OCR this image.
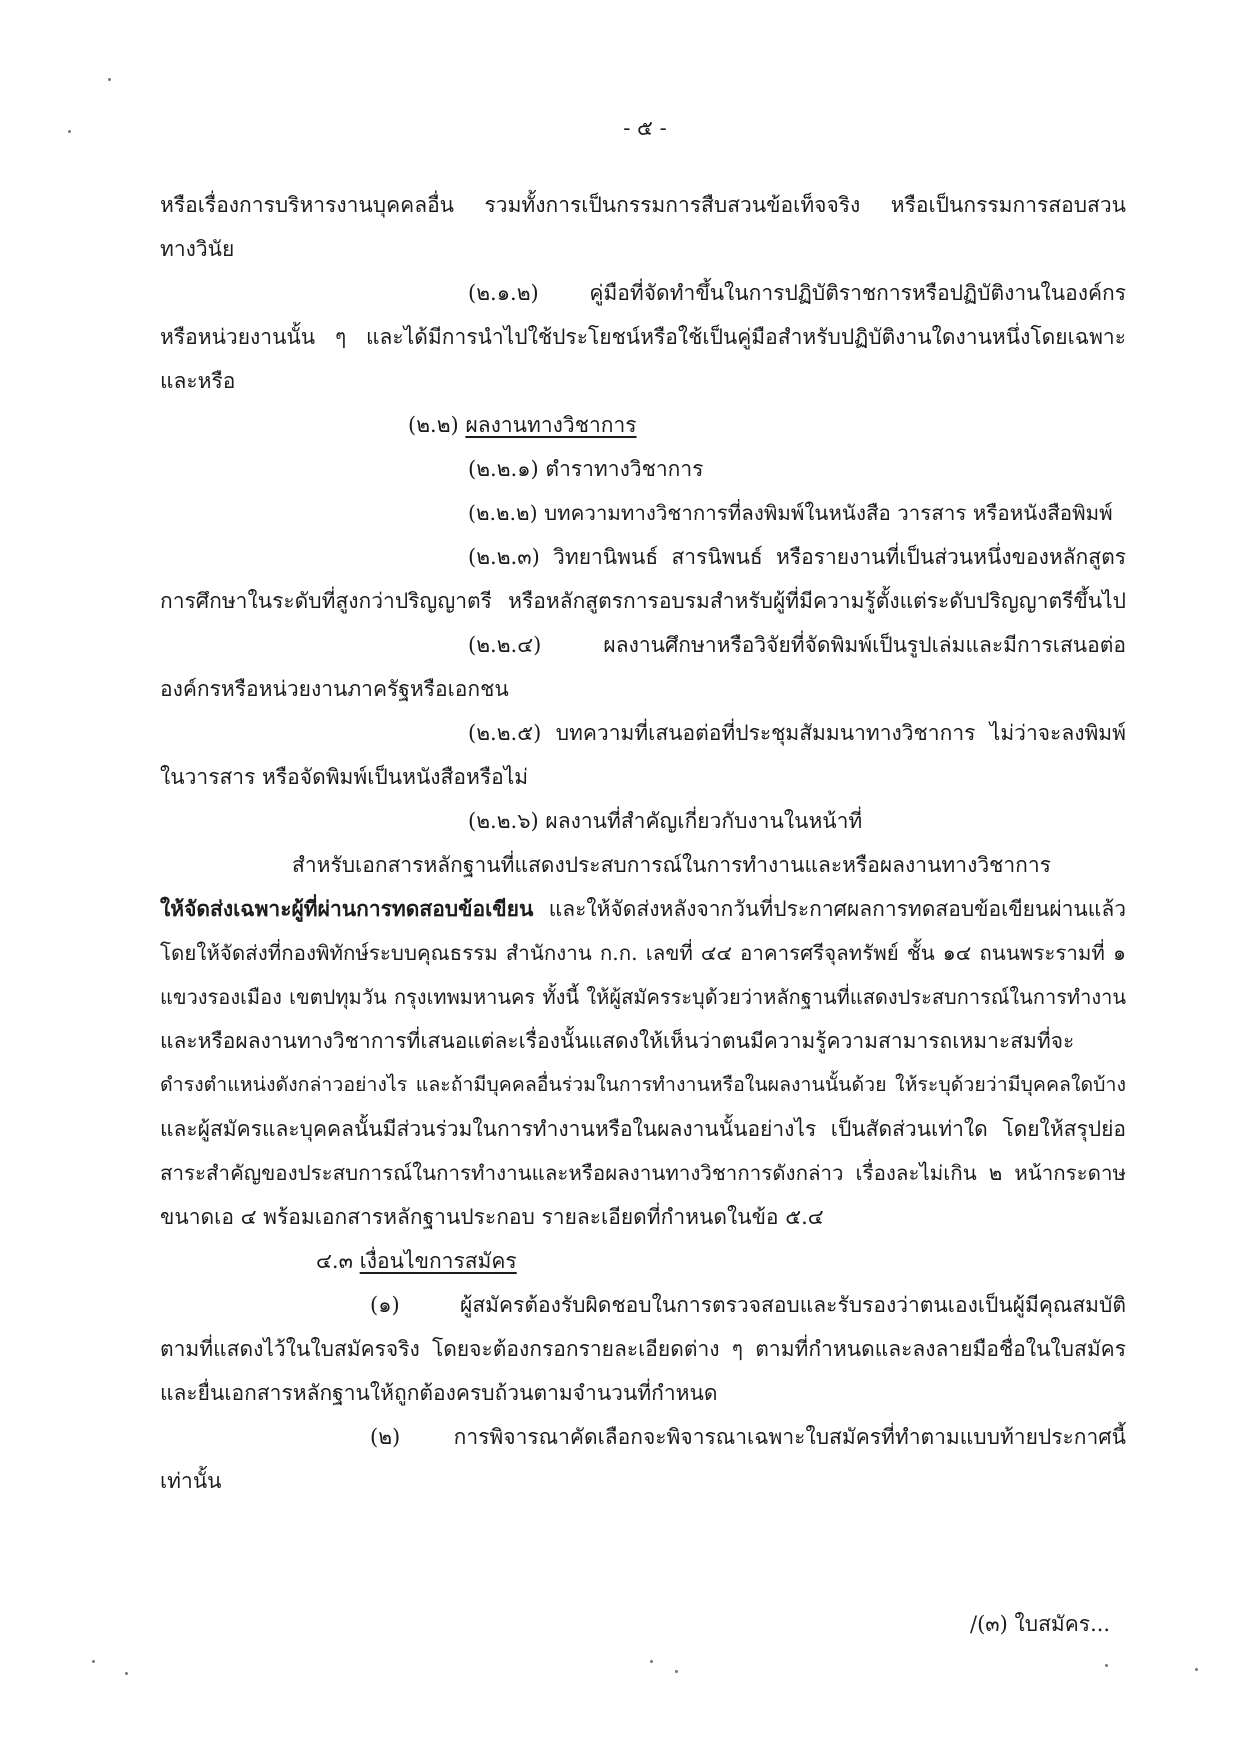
- ๕ -

หรือเรื่องการบริหารงานบุคคลอื่น รวมทั้งการเป็นกรรมการสืบสวนข้อเท็จจริง หรือเป็นกรรมการสอบสวน

ทางวินัย

(๒.๑.๒) คู่มือที่จัดทำขึ้นในการปฏิบัติราชการหรือปฏิบัติงานในองค์กร

หรือหน่วยงานนั้น ๆ และได้มีการนำไปใช้ประโยชน์หรือใช้เป็นคู่มือสำหรับปฏิบัติงานใดงานหนึ่งโดยเฉพาะ

และหรือ

(๒.๒) ผลงานทางวิชาการ

(๒.๒.๑) ตำราทางวิชาการ

(๒.๒.๒) บทความทางวิชาการที่ลงพิมพ์ในหนังสือ วารสาร หรือหนังสือพิมพ์

(๒.๒.๓) วิทยานิพนธ์ สารนิพนธ์ หรือรายงานที่เป็นส่วนหนึ่งของหลักสูตร

การศึกษาในระดับที่สูงกว่าปริญญาตรี หรือหลักสูตรการอบรมสำหรับผู้ที่มีความรู้ตั้งแต่ระดับปริญญาตรีขึ้นไป

(๒.๒.๔) ผลงานศึกษาหรือวิจัยที่จัดพิมพ์เป็นรูปเล่มและมีการเสนอต่อ

องค์กรหรือหน่วยงานภาครัฐหรือเอกชน

(๒.๒.๕) บทความที่เสนอต่อที่ประชุมสัมมนาทางวิชาการ ไม่ว่าจะลงพิมพ์

ในวารสาร หรือจัดพิมพ์เป็นหนังสือหรือไม่

(๒.๒.๖) ผลงานที่สำคัญเกี่ยวกับงานในหน้าที่

สำหรับเอกสารหลักฐานที่แสดงประสบการณ์ในการทำงานและหรือผลงานทางวิชาการ

ให้จัดส่งเฉพาะผู้ที่ผ่านการทดสอบข้อเขียน และให้จัดส่งหลังจากวันที่ประกาศผลการทดสอบข้อเขียนผ่านแล้ว

โดยให้จัดส่งที่กองพิทักษ์ระบบคุณธรรม สำนักงาน ก.ก. เลขที่ ๔๔ อาคารศรีจุลทรัพย์ ชั้น ๑๔ ถนนพระรามที่ ๑

แขวงรองเมือง เขตปทุมวัน กรุงเทพมหานคร ทั้งนี้ ให้ผู้สมัครระบุด้วยว่าหลักฐานที่แสดงประสบการณ์ในการทำงาน

และหรือผลงานทางวิชาการที่เสนอแต่ละเรื่องนั้นแสดงให้เห็นว่าตนมีความรู้ความสามารถเหมาะสมที่จะ

ดำรงตำแหน่งดังกล่าวอย่างไร และถ้ามีบุคคลอื่นร่วมในการทำงานหรือในผลงานนั้นด้วย ให้ระบุด้วยว่ามีบุคคลใดบ้าง

และผู้สมัครและบุคคลนั้นมีส่วนร่วมในการทำงานหรือในผลงานนั้นอย่างไร เป็นสัดส่วนเท่าใด โดยให้สรุปย่อ

สาระสำคัญของประสบการณ์ในการทำงานและหรือผลงานทางวิชาการดังกล่าว เรื่องละไม่เกิน ๒ หน้ากระดาษ

ขนาดเอ ๔ พร้อมเอกสารหลักฐานประกอบ รายละเอียดที่กำหนดในข้อ ๕.๔

๔.๓ เงื่อนไขการสมัคร

(๑) ผู้สมัครต้องรับผิดชอบในการตรวจสอบและรับรองว่าตนเองเป็นผู้มีคุณสมบัติ

ตามที่แสดงไว้ในใบสมัครจริง โดยจะต้องกรอกรายละเอียดต่าง ๆ ตามที่กำหนดและลงลายมือชื่อในใบสมัคร

และยื่นเอกสารหลักฐานให้ถูกต้องครบถ้วนตามจำนวนที่กำหนด

(๒) การพิจารณาคัดเลือกจะพิจารณาเฉพาะใบสมัครที่ทำตามแบบท้ายประกาศนี้

เท่านั้น

/(๓) ใบสมัคร...
